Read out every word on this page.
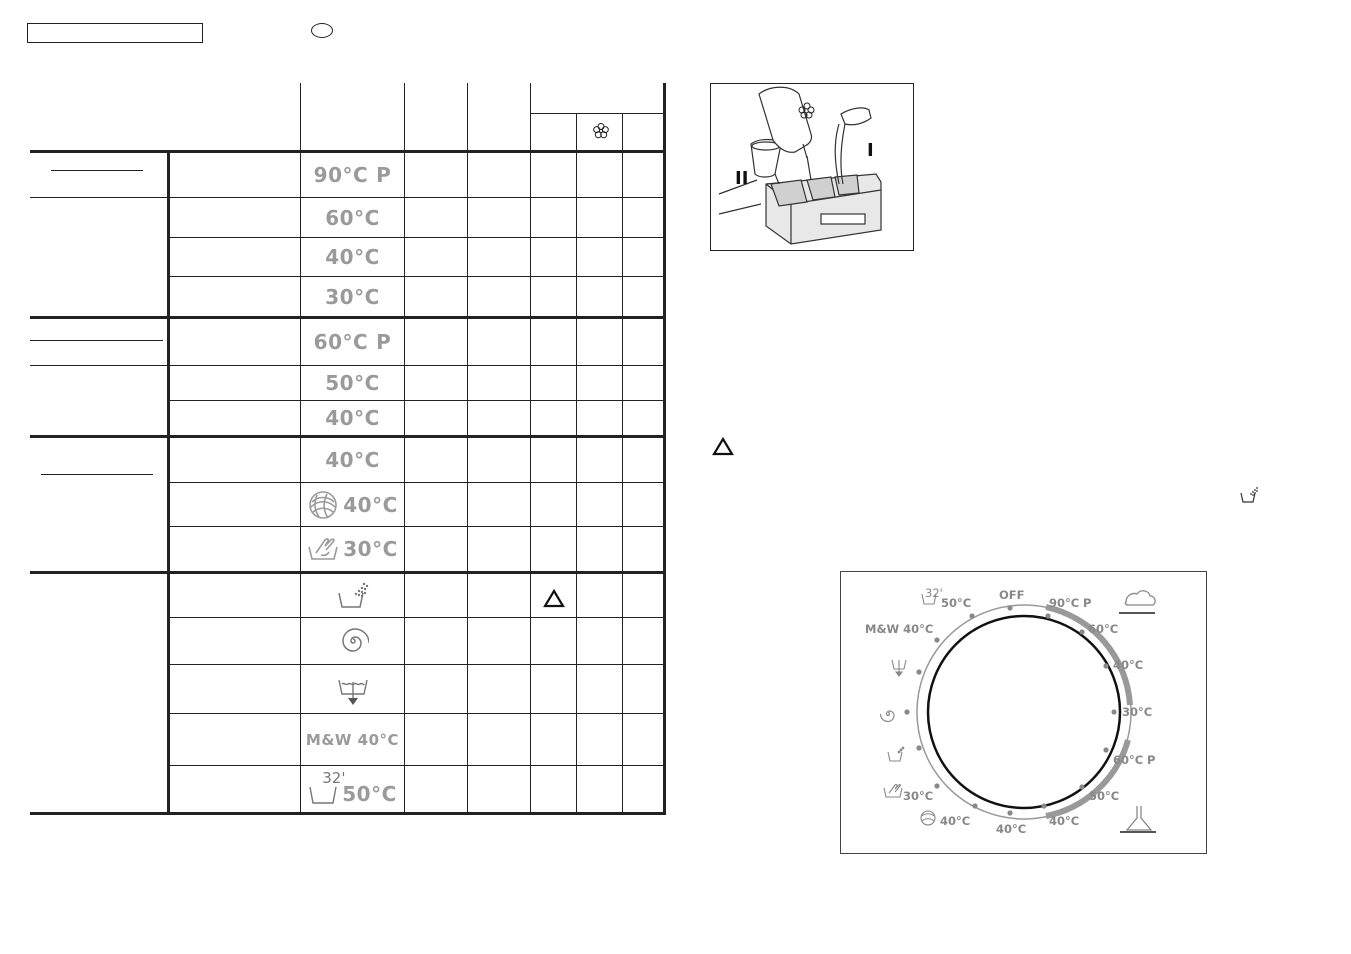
90°C P
60°C
40°C
30°C
60°C P
50°C
40°C
40°C
40°C
30°C
M&W 40°C
32'
50°C
I
II
OFF
90°C P
60°C
40°C
30°C
60°C P
50°C
40°C
40°C
40°C
30°C
M&W 40°C
50°C
32'
